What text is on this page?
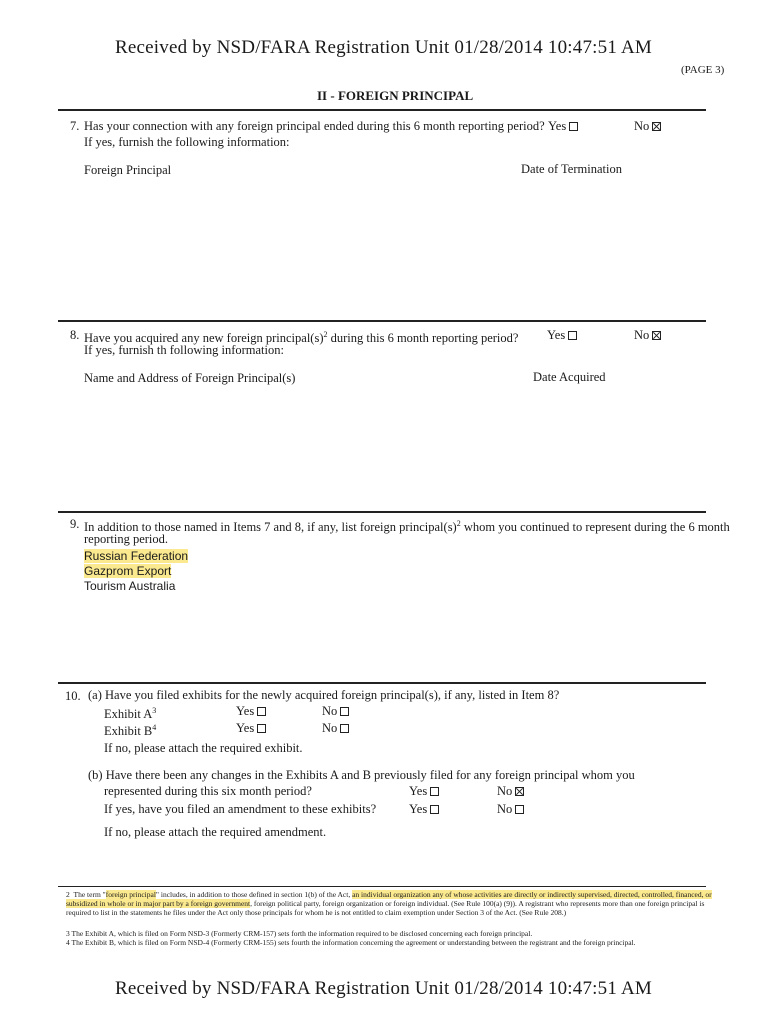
Received by NSD/FARA Registration Unit 01/28/2014 10:47:51 AM
(PAGE 3)
II - FOREIGN PRINCIPAL
7. Has your connection with any foreign principal ended during this 6 month reporting period? Yes	No
If yes, furnish the following information:
Foreign Principal	Date of Termination
8. Have you acquired any new foreign $principal(s)^2$ during this 6 month reporting period? Yes	No
If yes, furnish th following information:
Name and Address of Foreign Principal(s)	Date Acquired
9. In addition to those named in Items 7 and 8, if any, list foreign $principal(s)^2$ whom you continued to represent during the 6 month
reporting period.
Russian Federation
Gazprom Export
Tourism Australia
10. (a) Have you filed exhibits for the newly acquired foreign principal(s), if any, listed in Item 8?
Exhibit $A^3$	Yes	No
Exhibit $B^4$	Yes	No
If no, please attach the required exhibit.
(b) Have there been any changes in the Exhibits A and B previously filed for any foreign principal whom you
represented during this six month period?	Yes	No
If yes, have you filed an amendment to these exhibits?	Yes	No
If no, please attach the required amendment.
2 The term "foreign principal" includes, in addition to those defined in section 1(b) of the Act, an individual organization any of whose activities are directly or indirectly supervised, directed, controlled, financed, or subsidized in whole or in major part by a foreign government, foreign political party, foreign organization or foreign individual. (See Rule 100(a) (9)). A registrant who represents more than one foreign principal is required to list in the statements he files under the Act only those principals for whom he is not entitled to claim exemption under Section 3 of the Act. (See Rule 208.)
3 The Exhibit A, which is filed on Form NSD-3 (Formerly CRM-157) sets forth the information required to be disclosed concerning each foreign principal.
4 The Exhibit B, which is filed on Form NSD-4 (Formerly CRM-155) sets fourth the information concerning the agreement or understanding between the registrant and the foreign principal.
Received by NSD/FARA Registration Unit 01/28/2014 10:47:51 AM
